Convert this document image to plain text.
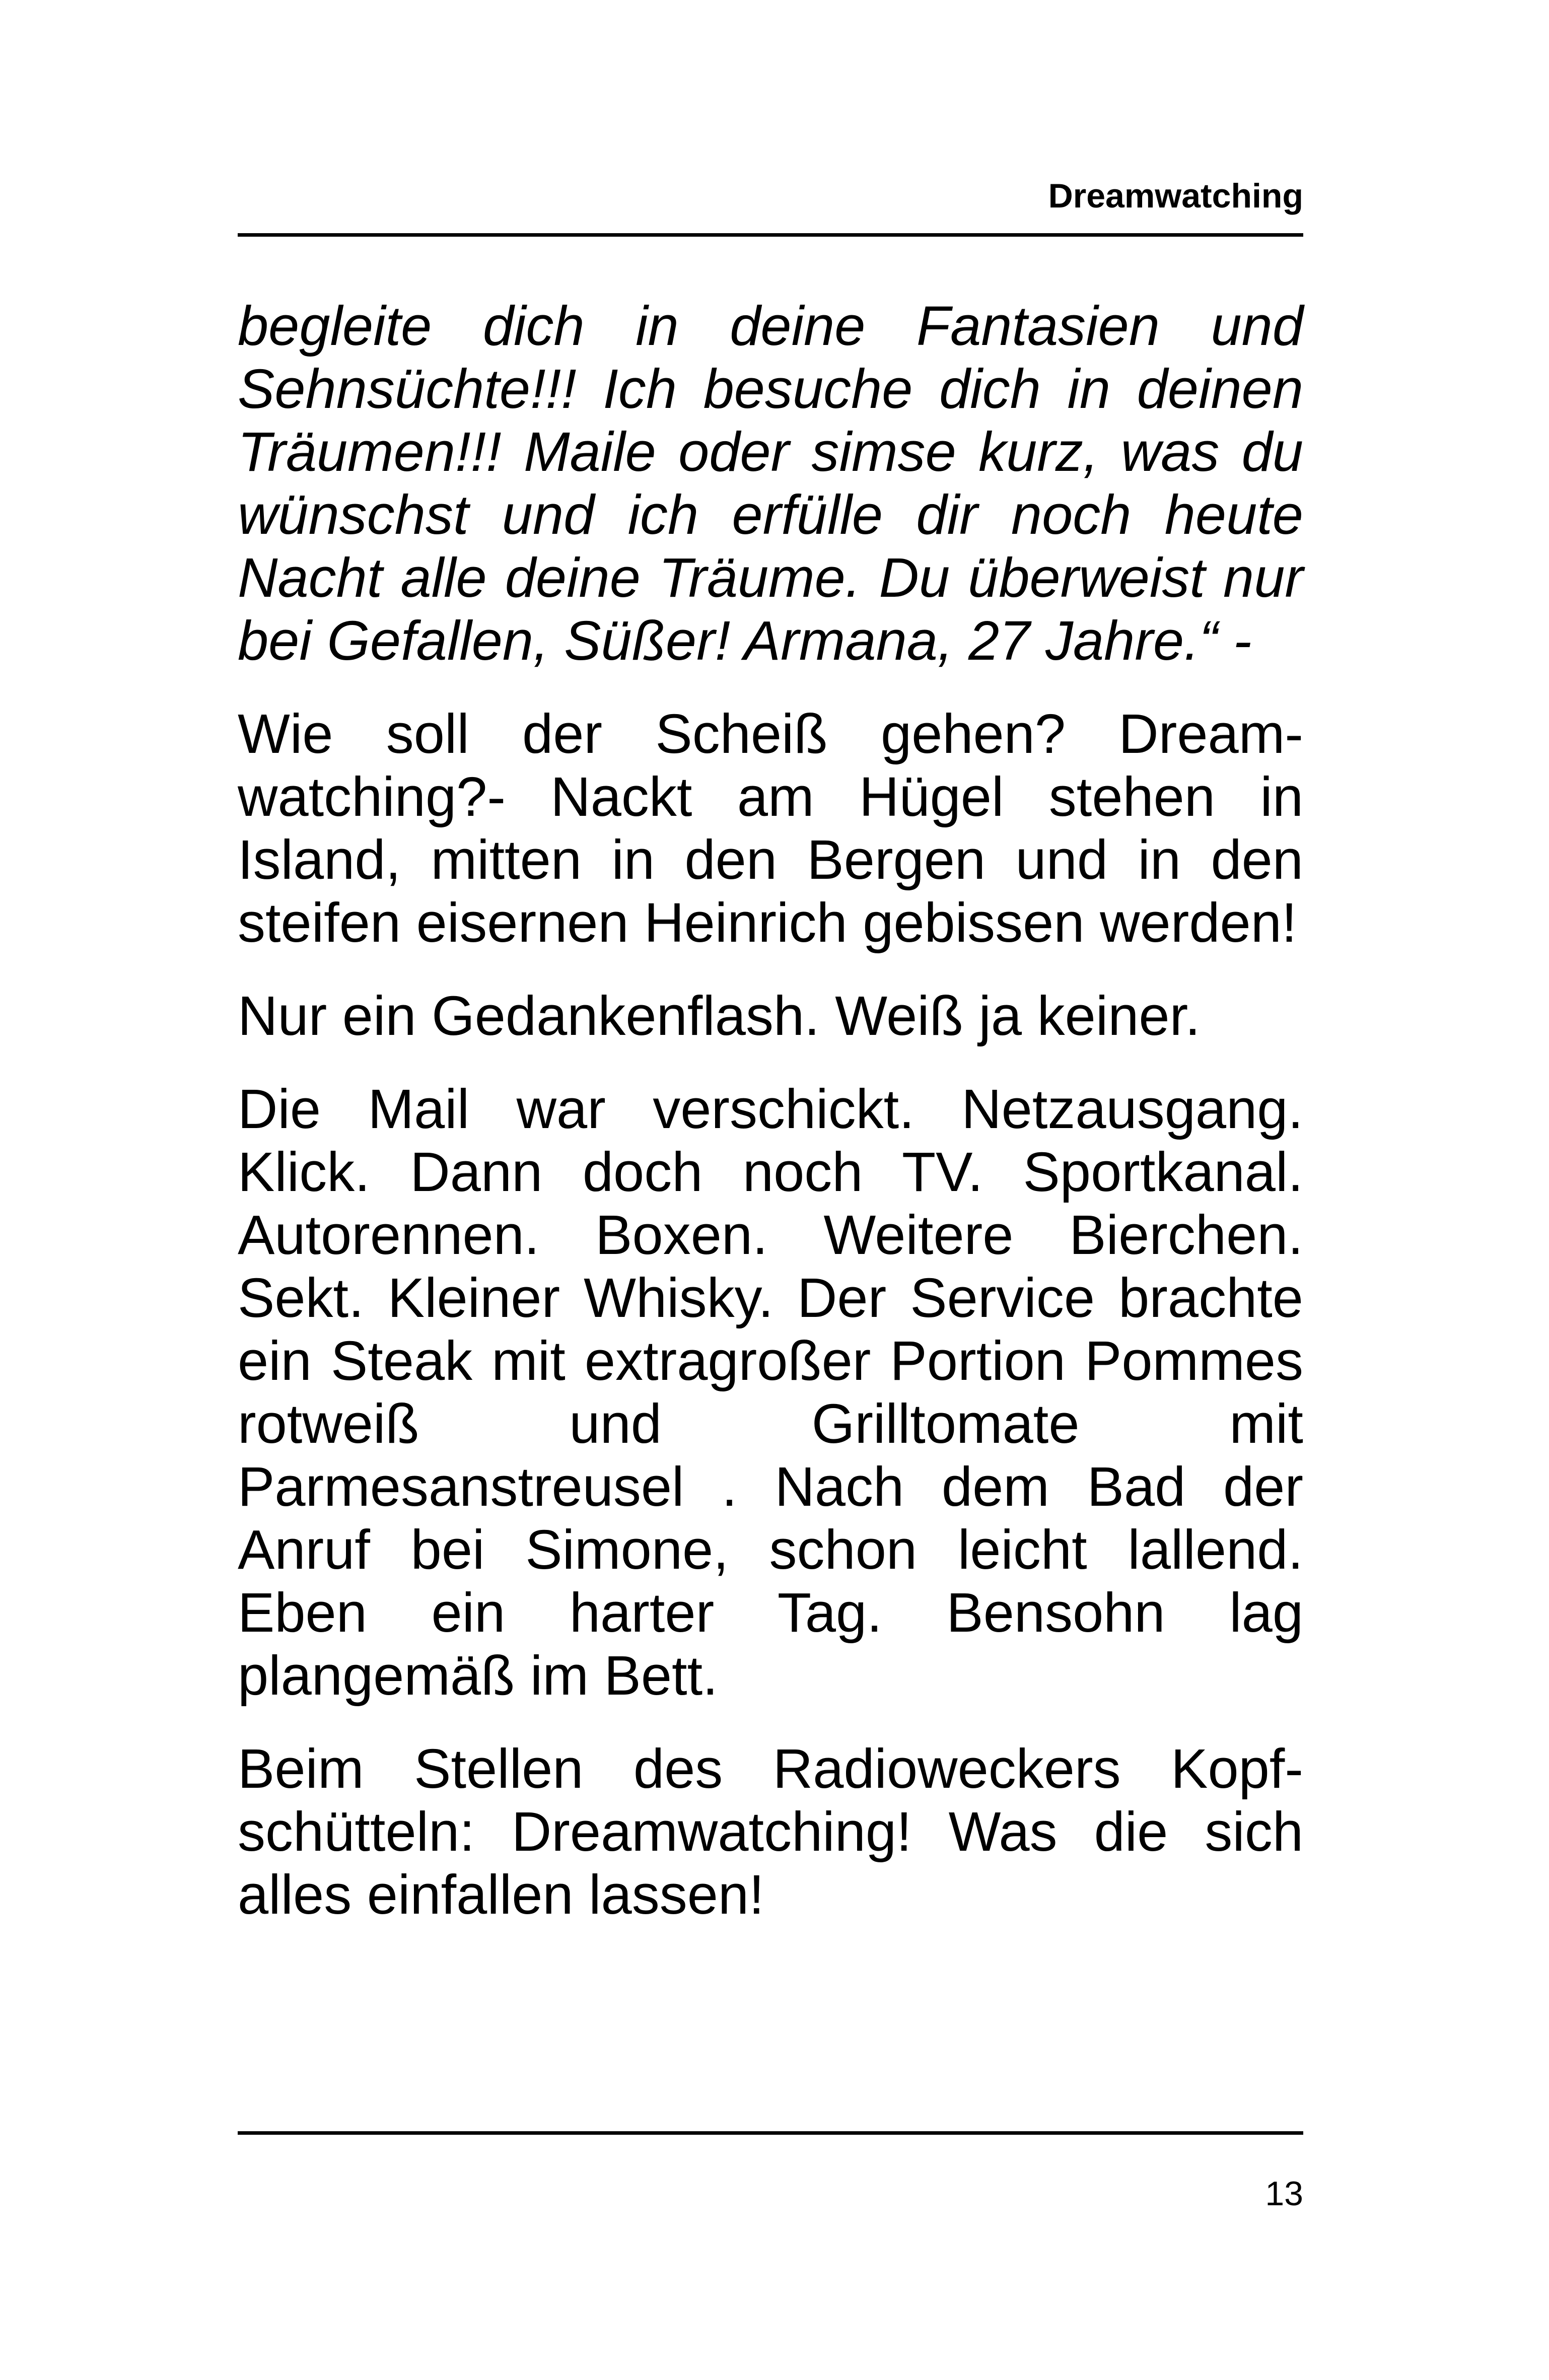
Dreamwatching

begleite dich in deine Fantasien und Sehnsüchte!!! Ich besuche dich in deinen Träumen!!! Maile oder simse kurz, was du wünschst und ich erfülle dir noch heute Nacht alle deine Träume. Du überweist nur bei Gefallen, Süßer! Armana, 27 Jahre.“ -

Wie soll der Scheiß gehen? Dream-watching?- Nackt am Hügel stehen in Island, mitten in den Bergen und in den steifen eisernen Heinrich gebissen werden!

Nur ein Gedankenflash. Weiß ja keiner.

Die Mail war verschickt. Netzausgang. Klick. Dann doch noch TV. Sportkanal. Autorennen. Boxen. Weitere Bierchen. Sekt. Kleiner Whisky. Der Service brachte ein Steak mit extragroßer Portion Pommes rotweiß und Grilltomate mit Parmesanstreusel . Nach dem Bad der Anruf bei Simone, schon leicht lallend. Eben ein harter Tag. Bensohn lag plangemäß im Bett.

Beim Stellen des Radioweckers Kopf-schütteln: Dreamwatching! Was die sich alles einfallen lassen!

13
